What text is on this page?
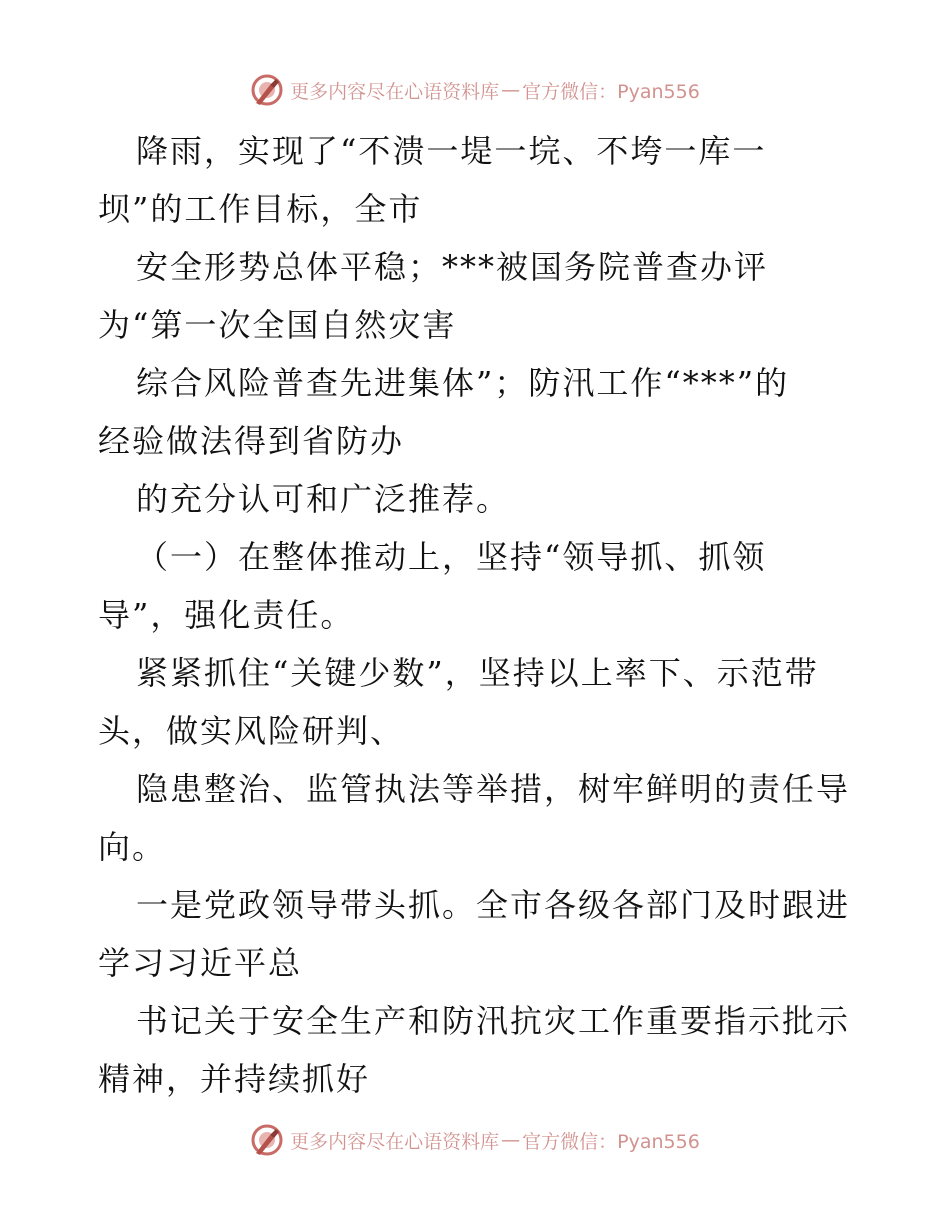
更多内容尽在心语资料库 — 官方微信：Pyan556
降雨，实现了“不溃一堤一垸、不垮一库一
坝”的工作目标，全市
安全形势总体平稳；***被国务院普查办评
为“第一次全国自然灾害
综合风险普查先进集体”；防汛工作“***”的
经验做法得到省防办
的充分认可和广泛推荐。
（一）在整体推动上，坚持“领导抓、抓领
导”，强化责任。
紧紧抓住“关键少数”，坚持以上率下、示范带
头，做实风险研判、
隐患整治、监管执法等举措，树牢鲜明的责任导
向。
一是党政领导带头抓。全市各级各部门及时跟进
学习习近平总
书记关于安全生产和防汛抗灾工作重要指示批示
精神，并持续抓好
更多内容尽在心语资料库 — 官方微信：Pyan556
